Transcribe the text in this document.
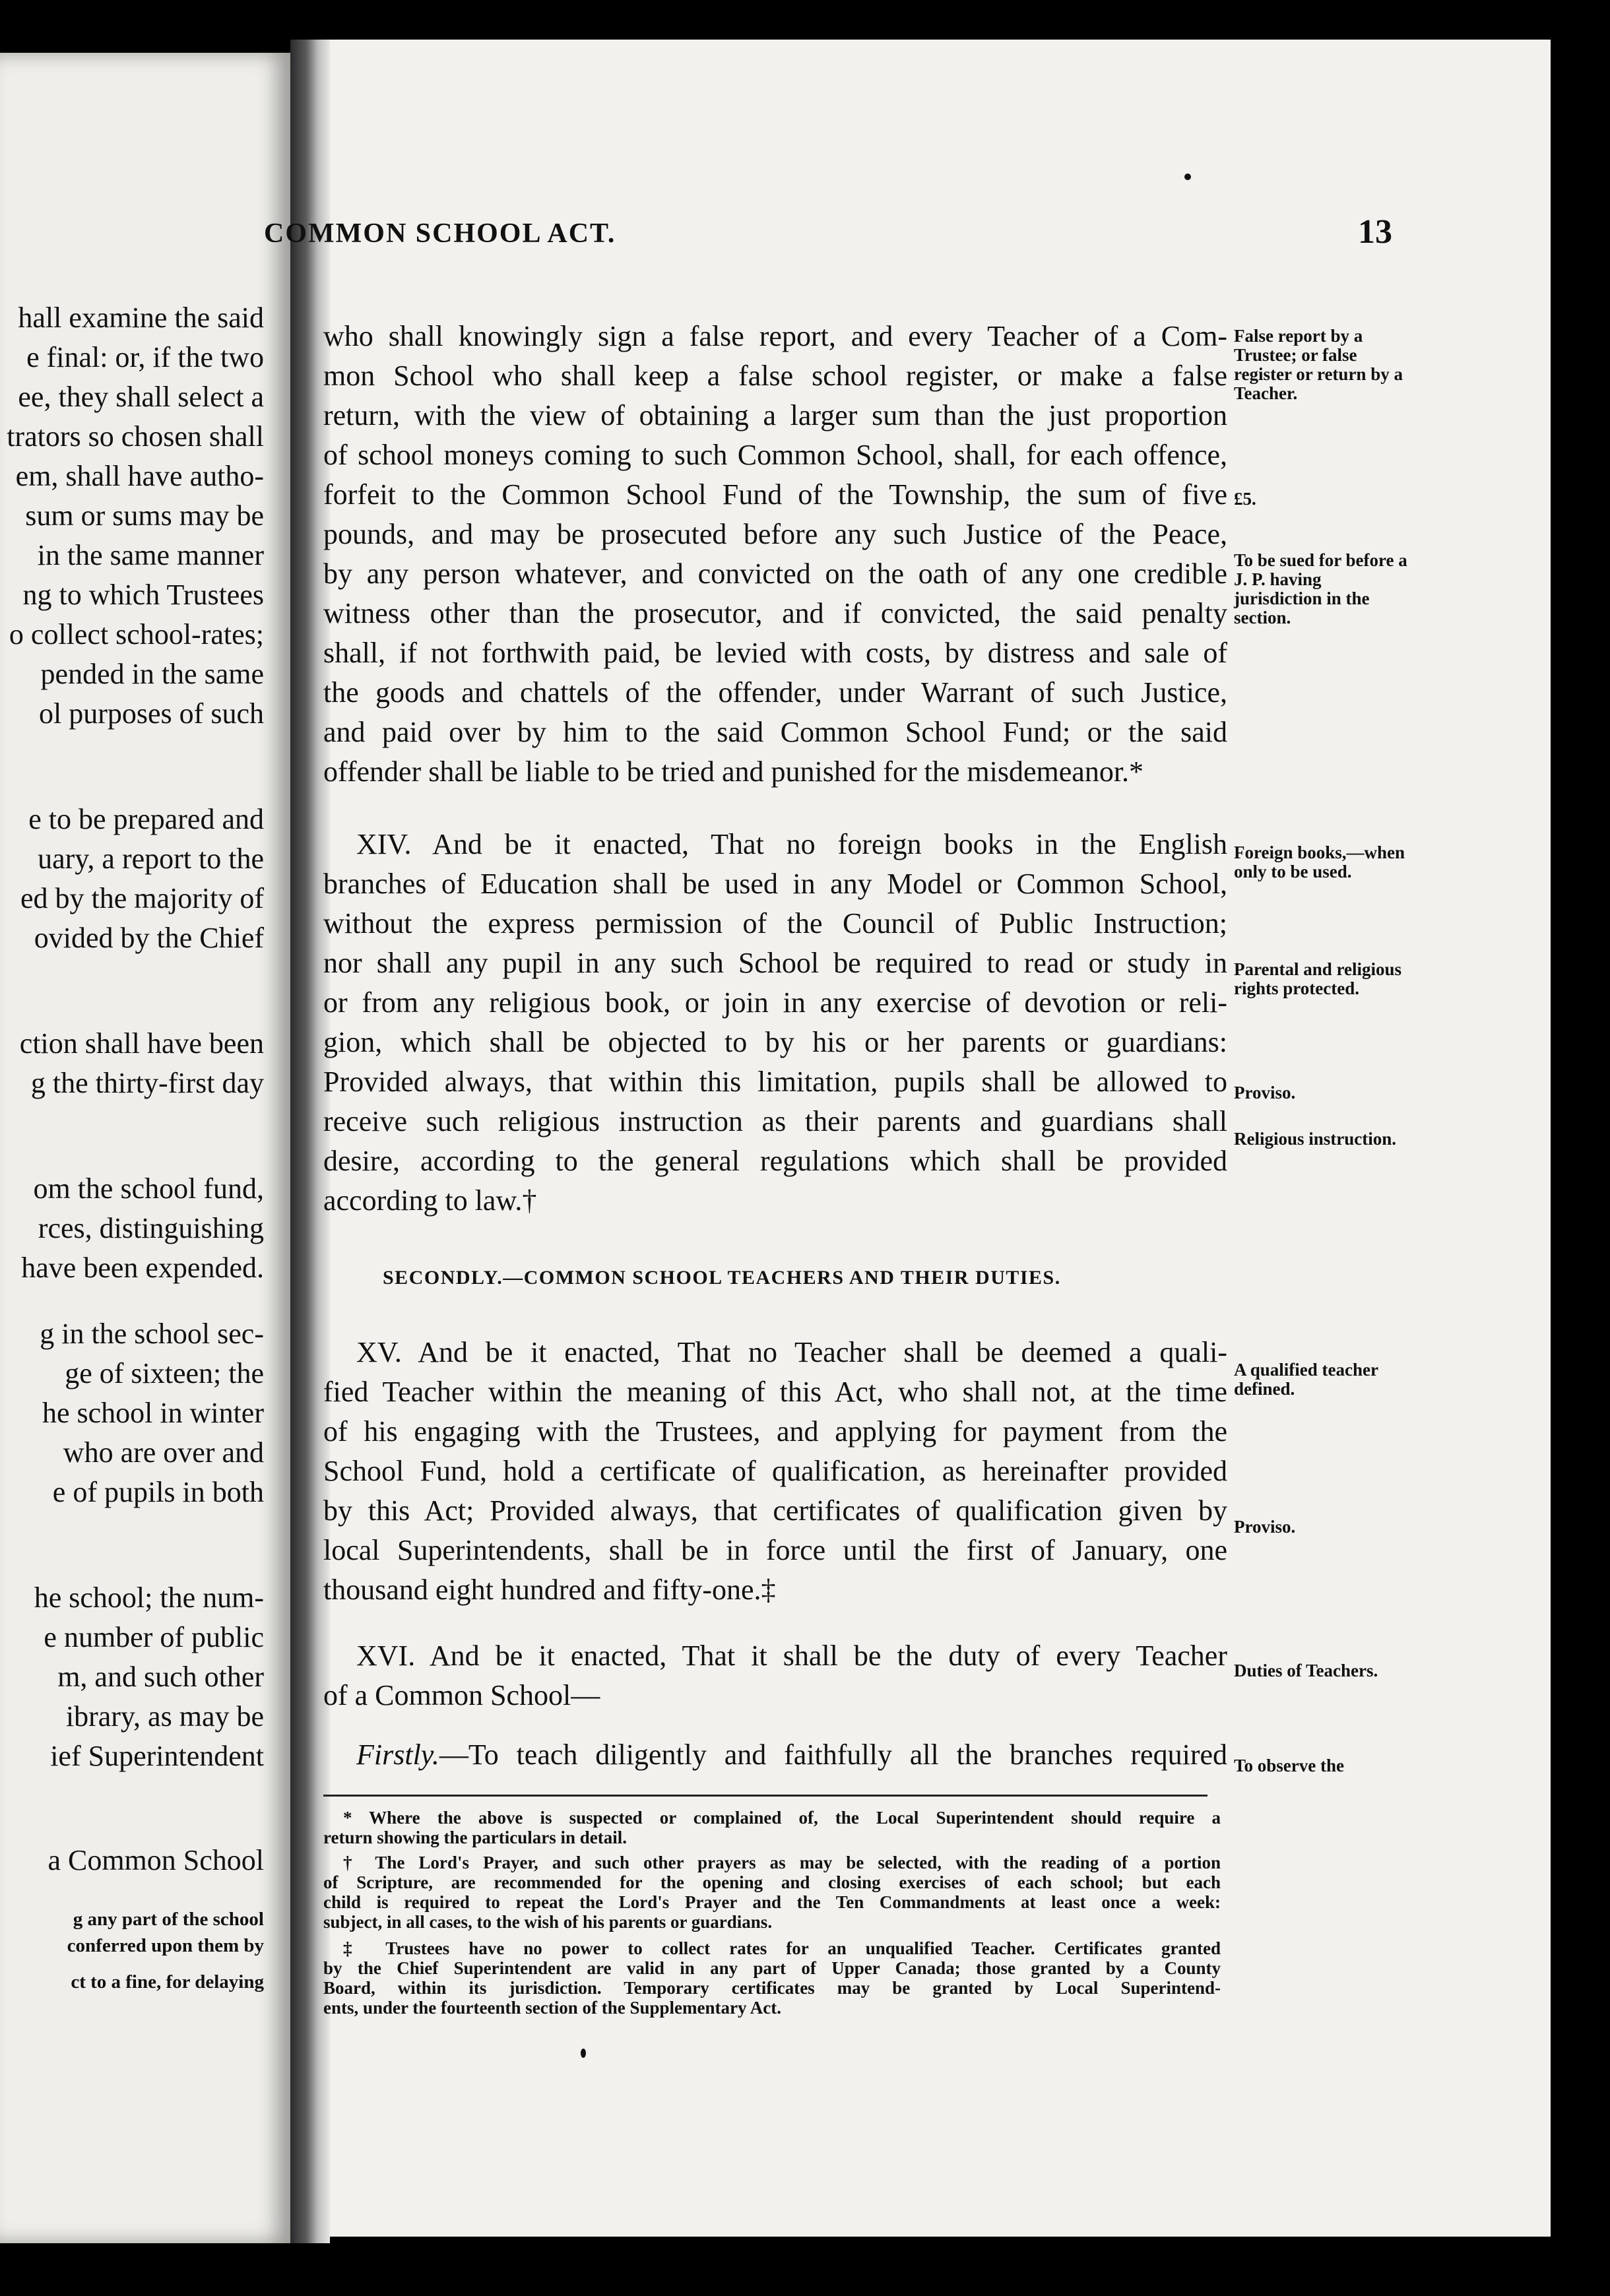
hall examine the said
e final: or, if the two
ee, they shall select a
trators so chosen shall
em, shall have autho-
sum or sums may be
in the same manner
ng to which Trustees
o collect school-rates;
pended in the same
ol purposes of such
e to be prepared and
uary, a report to the
ed by the majority of
ovided by the Chief
ction shall have been
g the thirty-first day
om the school fund,
rces, distinguishing
have been expended.
g in the school sec-
ge of sixteen; the
he school in winter
who are over and
e of pupils in both
he school; the num-
e number of public
m, and such other
ibrary, as may be
ief Superintendent
a Common School
g any part of the school
conferred upon them by
ct to a fine, for delaying
COMMON SCHOOL ACT.	13
who shall knowingly sign a false report, and every Teacher of a Com-
mon School who shall keep a false school register, or make a false
return, with the view of obtaining a larger sum than the just proportion
of school moneys coming to such Common School, shall, for each offence,
forfeit to the Common School Fund of the Township, the sum of five
pounds, and may be prosecuted before any such Justice of the Peace,
by any person whatever, and convicted on the oath of any one credible
witness other than the prosecutor, and if convicted, the said penalty
shall, if not forthwith paid, be levied with costs, by distress and sale of
the goods and chattels of the offender, under Warrant of such Justice,
and paid over by him to the said Common School Fund; or the said
offender shall be liable to be tried and punished for the misdemeanor.*
XIV. And be it enacted, That no foreign books in the English
branches of Education shall be used in any Model or Common School,
without the express permission of the Council of Public Instruction;
nor shall any pupil in any such School be required to read or study in
or from any religious book, or join in any exercise of devotion or reli-
gion, which shall be objected to by his or her parents or guardians:
Provided always, that within this limitation, pupils shall be allowed to
receive such religious instruction as their parents and guardians shall
desire, according to the general regulations which shall be provided
according to law.†
SECONDLY.—COMMON SCHOOL TEACHERS AND THEIR DUTIES.
XV. And be it enacted, That no Teacher shall be deemed a quali-
fied Teacher within the meaning of this Act, who shall not, at the time
of his engaging with the Trustees, and applying for payment from the
School Fund, hold a certificate of qualification, as hereinafter provided
by this Act; Provided always, that certificates of qualification given by
local Superintendents, shall be in force until the first of January, one
thousand eight hundred and fifty-one.‡
XVI. And be it enacted, That it shall be the duty of every Teacher
of a Common School—
Firstly.—To teach diligently and faithfully all the branches required
False report by a Trustee; or false register or return by a Teacher.
£5.
To be sued for before a J. P. having jurisdiction in the section.
Foreign books,—when only to be used.
Parental and religious rights protected.
Proviso.
Religious instruction.
A qualified teacher defined.
Proviso.
Duties of Teachers.
To observe the
* Where the above is suspected or complained of, the Local Superintendent should require a
return showing the particulars in detail.
† The Lord's Prayer, and such other prayers as may be selected, with the reading of a portion
of Scripture, are recommended for the opening and closing exercises of each school; but each
child is required to repeat the Lord's Prayer and the Ten Commandments at least once a week:
subject, in all cases, to the wish of his parents or guardians.
‡ Trustees have no power to collect rates for an unqualified Teacher. Certificates granted
by the Chief Superintendent are valid in any part of Upper Canada; those granted by a County
Board, within its jurisdiction. Temporary certificates may be granted by Local Superintend-
ents, under the fourteenth section of the Supplementary Act.
